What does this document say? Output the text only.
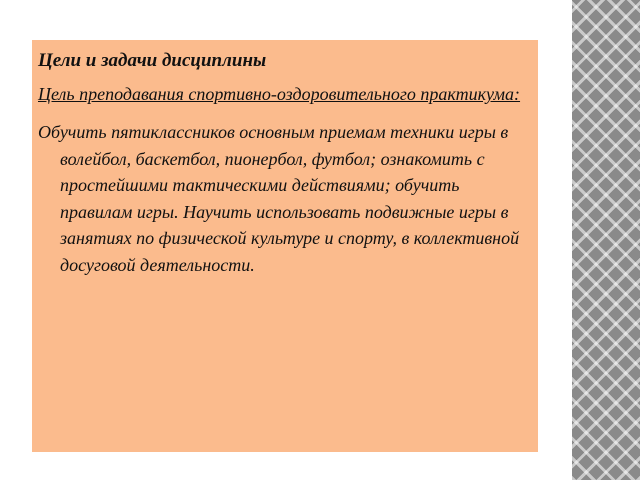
Цели и задачи дисциплины
Цель преподавания спортивно-оздоровительного практикума:
Обучить пятиклассников основным приемам техники игры в волейбол, баскетбол, пионербол, футбол; ознакомить с простейшими тактическими действиями; обучить правилам игры. Научить использовать подвижные игры в занятиях по физической культуре и спорту, в коллективной досуговой деятельности.
